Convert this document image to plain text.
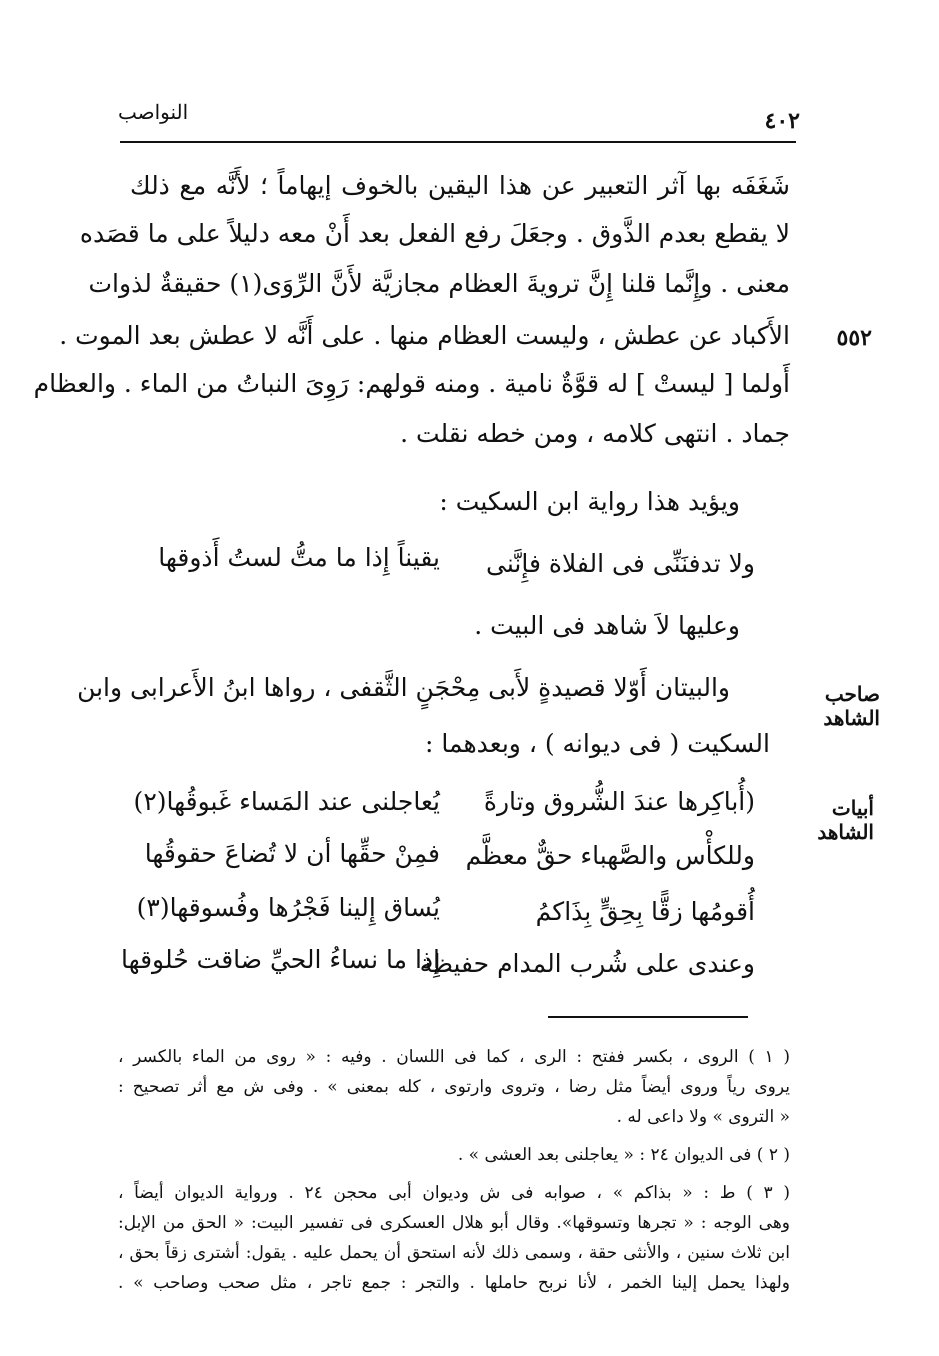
النواصب	٤٠٢
شَغَفَه بها آثر التعبير عن هذا اليقين بالخوف إيهاماً ؛ لأَنَّه مع ذلك
لا يقطع بعدم الذَّوق . وجعَلَ رفع الفعل بعد أَنْ معه دليلاً على ما قصَده
معنى . وإِنَّما قلنا إِنَّ ترويةَ العظام مجازيَّة لأَنَّ الرِّوَى(١) حقيقةٌ لذوات
الأَكباد عن عطش ، وليست العظام منها . على أَنَّه لا عطش بعد الموت .
أَولما [ ليستْ ] له قوَّةٌ نامية . ومنه قولهم: رَوِىَ النباتُ من الماء . والعظام
جماد . انتهى كلامه ، ومن خطه نقلت .
٥٥٢
ويؤيد هذا رواية ابن السكيت :
ولا تدفنَنِّى فى الفلاة فإِنَّنى
يقيناً إِذا ما متُّ لستُ أَذوقها
وعليها لاَ شاهد فى البيت .
صاحب الشاهد
والبيتان أَوّلا قصيدةٍ لأَبى مِحْجَنٍ الثَّقفى ، رواها ابنُ الأَعرابى وابن
السكيت ( فى ديوانه ) ، وبعدهما :
أبيات الشاهد
(أُباكِرها عندَ الشُّروق وتارةً
يُعاجلنى عند المَساء غَبوقُها(٢)
وللكأْس والصَّهباء حقٌّ معظَّم
فمِنْ حقِّها أن لا تُضاعَ حقوقُها
أُقومُها زقًّا بِحِقٍّ بِذَاكمُ
يُساق إِلينا فَجْرُها وفُسوقها(٣)
وعندى على شُرب المدام حفيظة
إِذا ما نساءُ الحيِّ ضاقت حُلوقها
( ١ ) الروى ، بكسر ففتح : الرى ، كما فى اللسان . وفيه : « روى من الماء بالكسر ،
يروى رياً وروى أيضاً مثل رضا ، وتروى وارتوى ، كله بمعنى » . وفى ش مع أثر تصحيح :
« التروى » ولا داعى له .
( ٢ ) فى الديوان ٢٤ : « يعاجلنى بعد العشى » .
( ٣ ) ط : « بذاكم » ، صوابه فى ش وديوان أبى محجن ٢٤ . ورواية الديوان أيضاً ،
وهى الوجه : « تجرها وتسوقها». وقال أبو هلال العسكرى فى تفسير البيت: « الحق من الإبل:
ابن ثلاث سنين ، والأنثى حقة ، وسمى ذلك لأنه استحق أن يحمل عليه . يقول: أشترى زقاً بحق ،
ولهذا يحمل إلينا الخمر ، لأنا نربح حاملها . والتجر : جمع تاجر ، مثل صحب وصاحب » .
